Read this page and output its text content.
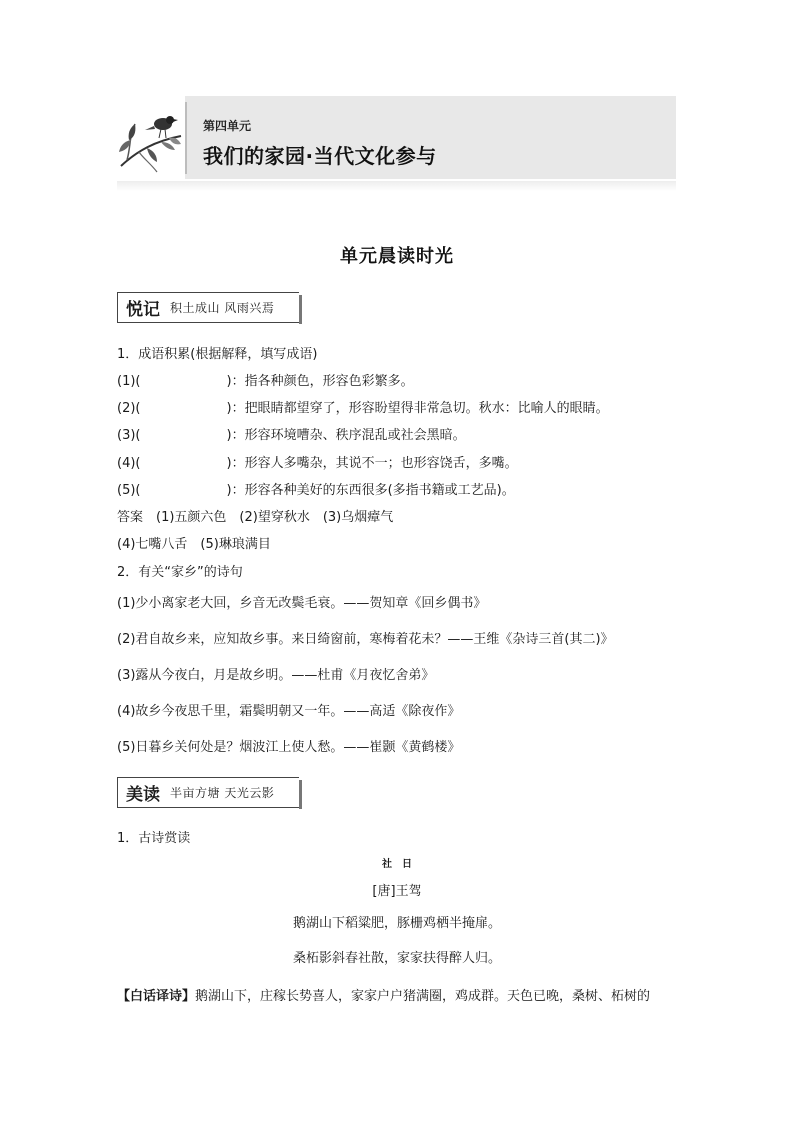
第四单元
我们的家园·当代文化参与
单元晨读时光
悦记 积土成山 风雨兴焉
1．成语积累(根据解释，填写成语)
(1)(	)：指各种颜色，形容色彩繁多。
(2)(	)：把眼睛都望穿了，形容盼望得非常急切。秋水：比喻人的眼睛。
(3)(	)：形容环境嘈杂、秩序混乱或社会黑暗。
(4)(	)：形容人多嘴杂，其说不一；也形容饶舌，多嘴。
(5)(	)：形容各种美好的东西很多(多指书籍或工艺品)。
答案　(1)五颜六色　(2)望穿秋水　(3)乌烟瘴气
(4)七嘴八舌　(5)琳琅满目
2．有关“家乡”的诗句
(1)少小离家老大回，乡音无改鬓毛衰。——贺知章《回乡偶书》
(2)君自故乡来，应知故乡事。来日绮窗前，寒梅着花未？——王维《杂诗三首(其二)》
(3)露从今夜白，月是故乡明。——杜甫《月夜忆舍弟》
(4)故乡今夜思千里，霜鬓明朝又一年。——高适《除夜作》
(5)日暮乡关何处是？烟波江上使人愁。——崔颢《黄鹤楼》
美读 半亩方塘 天光云影
1．古诗赏读
社　日
[唐]王驾
鹅湖山下稻粱肥，豚栅鸡栖半掩扉。
桑柘影斜春社散，家家扶得醉人归。
【白话译诗】鹅湖山下，庄稼长势喜人，家家户户猪满圈，鸡成群。天色已晚，桑树、柘树的
